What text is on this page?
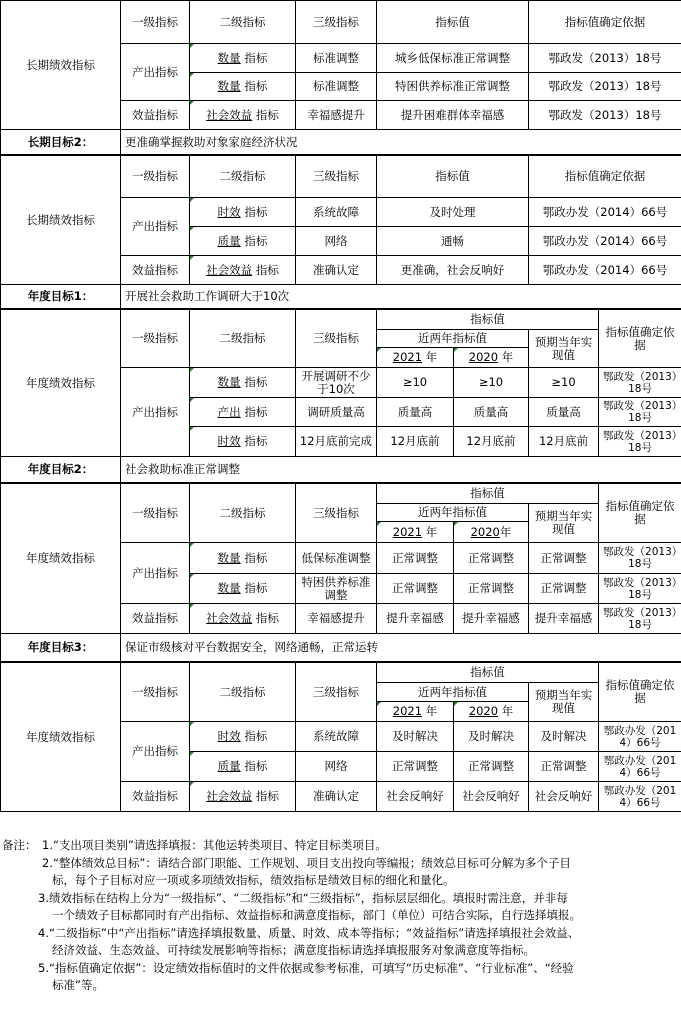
长期绩效指标	一级指标	二级指标	三级指标	指标值	指标值确定依据
	产出指标	数量 指标	标准调整	城乡低保标准正常调整	鄂政发（2013）18号
		数量 指标	标准调整	特困供养标准正常调整	鄂政发（2013）18号
	效益指标	社会效益 指标	幸福感提升	提升困难群体幸福感	鄂政发（2013）18号
长期目标2：	更准确掌握救助对象家庭经济状况
长期绩效指标	一级指标	二级指标	三级指标	指标值	指标值确定依据
	产出指标	时效 指标	系统故障	及时处理	鄂政办发（2014）66号
		质量 指标	网络	通畅	鄂政办发（2014）66号
	效益指标	社会效益 指标	准确认定	更准确，社会反响好	鄂政办发（2014）66号
年度目标1：	开展社会救助工作调研大于10次
年度绩效指标	一级指标	二级指标	三级指标	指标值			指标值确定依据
				近两年指标值		预期当年实现值	
				2021 年	2020 年		
	产出指标	数量 指标	开展调研不少于10次	≥10	≥10	≥10	鄂政发（2013）18号
		产出 指标	调研质量高	质量高	质量高	质量高	鄂政发（2013）18号
		时效 指标	12月底前完成	12月底前	12月底前	12月底前	鄂政发（2013）18号
年度目标2：	社会救助标准正常调整
年度绩效指标	一级指标	二级指标	三级指标	指标值			指标值确定依据
				近两年指标值		预期当年实现值	
				2021 年	2020年		
	产出指标	数量 指标	低保标准调整	正常调整	正常调整	正常调整	鄂政发（2013）18号
		数量 指标	特困供养标准调整	正常调整	正常调整	正常调整	鄂政发（2013）18号
	效益指标	社会效益 指标	幸福感提升	提升幸福感	提升幸福感	提升幸福感	鄂政发（2013）18号
年度目标3：	保证市级核对平台数据安全，网络通畅，正常运转
年度绩效指标	一级指标	二级指标	三级指标	指标值			指标值确定依据
				近两年指标值		预期当年实现值	
				2021 年	2020 年		
	产出指标	时效 指标	系统故障	及时解决	及时解决	及时解决	鄂政办发（2014）66号
		质量 指标	网络	正常调整	正常调整	正常调整	鄂政办发（2014）66号
	效益指标	社会效益 指标	准确认定	社会反响好	社会反响好	社会反响好	鄂政办发（2014）66号
备注： 1.“支出项目类别”请选择填报：其他运转类项目、特定目标类项目。
2.“整体绩效总目标”：请结合部门职能、工作规划、项目支出投向等编报；绩效总目标可分解为多个子目
标，每个子目标对应一项或多项绩效指标，绩效指标是绩效目标的细化和量化。
3.绩效指标在结构上分为“一级指标”、“二级指标”和“三级指标”，指标层层细化。填报时需注意，并非每
一个绩效子目标都同时有产出指标、效益指标和满意度指标，部门（单位）可结合实际，自行选择填报。
4.“二级指标”中“产出指标”请选择填报数量、质量、时效、成本等指标；“效益指标”请选择填报社会效益、
经济效益、生态效益、可持续发展影响等指标；满意度指标请选择填报服务对象满意度等指标。
5.“指标值确定依据”：设定绩效指标值时的文件依据或参考标准，可填写“历史标准”、“行业标准”、“经验
标准”等。
